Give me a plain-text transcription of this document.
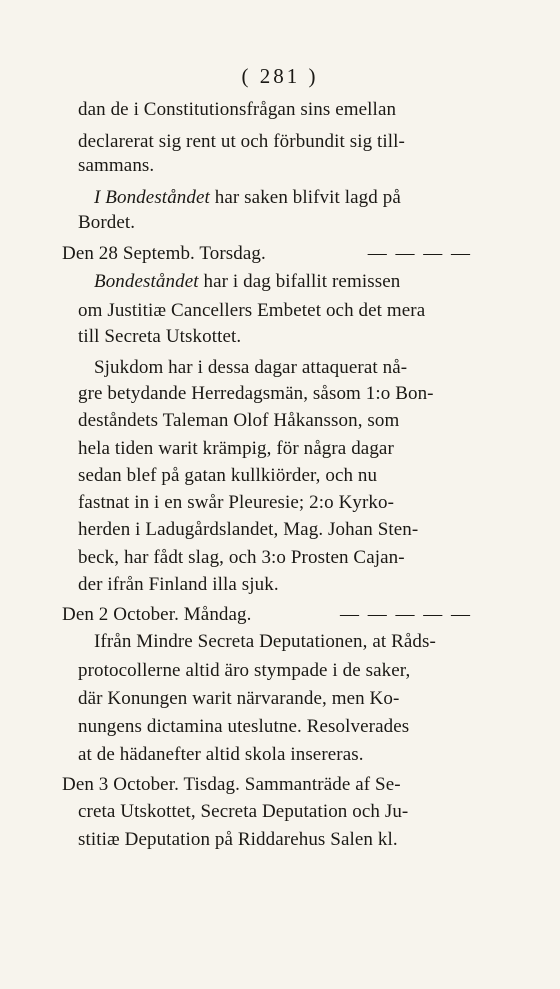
( 281 )
dan de i Constitutionsfrågan sins emellan
declarerat sig rent ut och förbundit sig till-
sammans.
I Bondeståndet har saken blifvit lagd på
Bordet.
Den 28 Septemb. Torsdag.	— — — —
Bondeståndet har i dag bifallit remissen
om Justitiæ Cancellers Embetet och det mera
till Secreta Utskottet.
Sjukdom har i dessa dagar attaquerat nå-
gre betydande Herredagsmän, såsom 1:o Bon-
deståndets Taleman Olof Håkansson, som
hela tiden warit krämpig, för några dagar
sedan blef på gatan kullkiörder, och nu
fastnat in i en swår Pleuresie; 2:o Kyrko-
herden i Ladugårdslandet, Mag. Johan Sten-
beck, har fådt slag, och 3:o Prosten Cajan-
der ifrån Finland illa sjuk.
Den 2 October. Måndag.	— — — — —
Ifrån Mindre Secreta Deputationen, at Råds-
protocollerne altid äro stympade i de saker,
där Konungen warit närvarande, men Ko-
nungens dictamina uteslutne. Resolverades
at de hädanefter altid skola insereras.
Den 3 October. Tisdag. Sammanträde af Se-
creta Utskottet, Secreta Deputation och Ju-
stitiæ Deputation på Riddarehus Salen kl.
